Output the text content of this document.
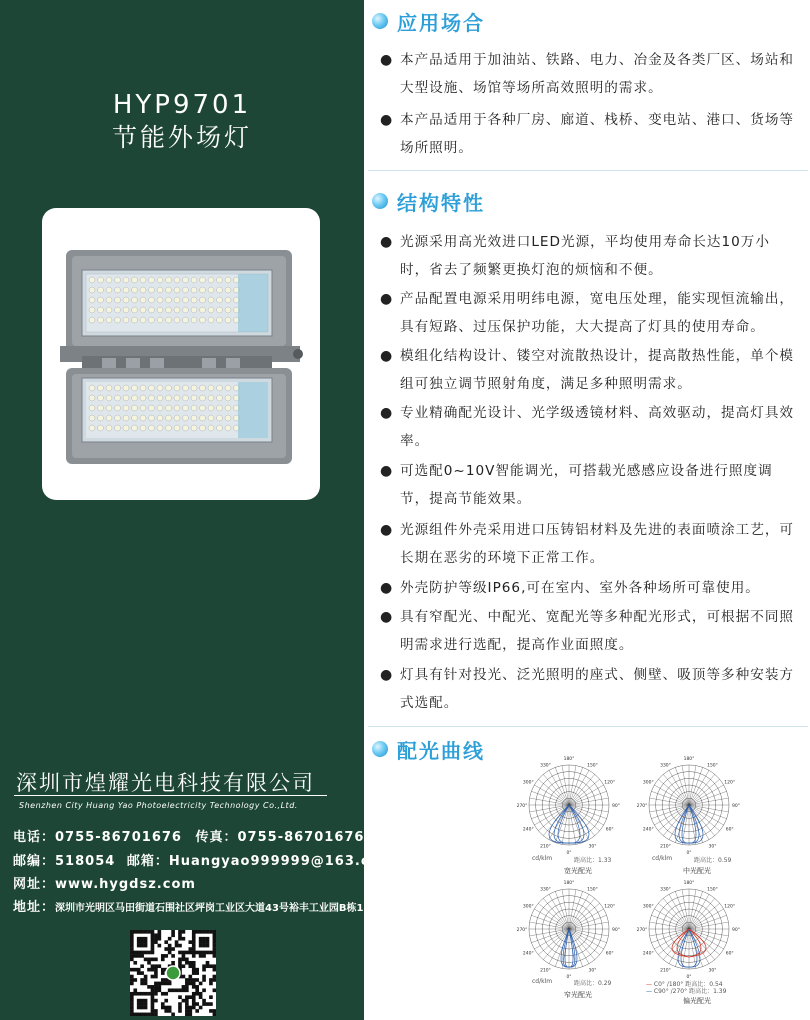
HYP9701
节能外场灯
深圳市煌耀光电科技有限公司
Shenzhen City Huang Yao Photoelectricity Technology Co.,Ltd.
电话：0755-86701676 传真：0755-86701676
邮编：518054 邮箱：Huangyao999999@163.com
网址：www.hygdsz.com
地址：深圳市光明区马田街道石围社区坪岗工业区大道43号裕丰工业园B栋1102
应用场合
● 本产品适用于加油站、铁路、电力、冶金及各类厂区、场站和大型设施、场馆等场所高效照明的需求。
● 本产品适用于各种厂房、廊道、栈桥、变电站、港口、货场等场所照明。
结构特性
● 光源采用高光效进口LED光源，平均使用寿命长达10万小时，省去了频繁更换灯泡的烦恼和不便。
● 产品配置电源采用明纬电源，宽电压处理，能实现恒流输出，具有短路、过压保护功能，大大提高了灯具的使用寿命。
● 模组化结构设计、镂空对流散热设计，提高散热性能，单个模组可独立调节照射角度，满足多种照明需求。
● 专业精确配光设计、光学级透镜材料、高效驱动，提高灯具效率。
● 可选配0~10V智能调光，可搭载光感感应设备进行照度调节，提高节能效果。
● 光源组件外壳采用进口压铸铝材料及先进的表面喷涂工艺，可长期在恶劣的环境下正常工作。
● 外壳防护等级IP66,可在室内、室外各种场所可靠使用。
● 具有窄配光、中配光、宽配光等多种配光形式，可根据不同照明需求进行选配，提高作业面照度。
● 灯具有针对投光、泛光照明的座式、侧壁、吸顶等多种安装方式选配。
配光曲线	180°
150°
120°
90°
60°
30°
0°
210°
240°
270°
300°
330°
cd/klm	距高比：1.33
宽光配光
180°
150°
120°
90°
60°
30°
0°
210°
240°
270°
300°
330°
cd/klm	距高比：0.59
中光配光
180°
150°
120°
90°
60°
30°
0°
210°
240°
270°
300°
330°
cd/klm	距高比：0.29
窄光配光
180°
150°
120°
90°
60°
30°
0°
210°
240°
270°
300°
330°
— C0° /180° 距高比：0.54
— C90° /270° 距高比：1.39
偏光配光
